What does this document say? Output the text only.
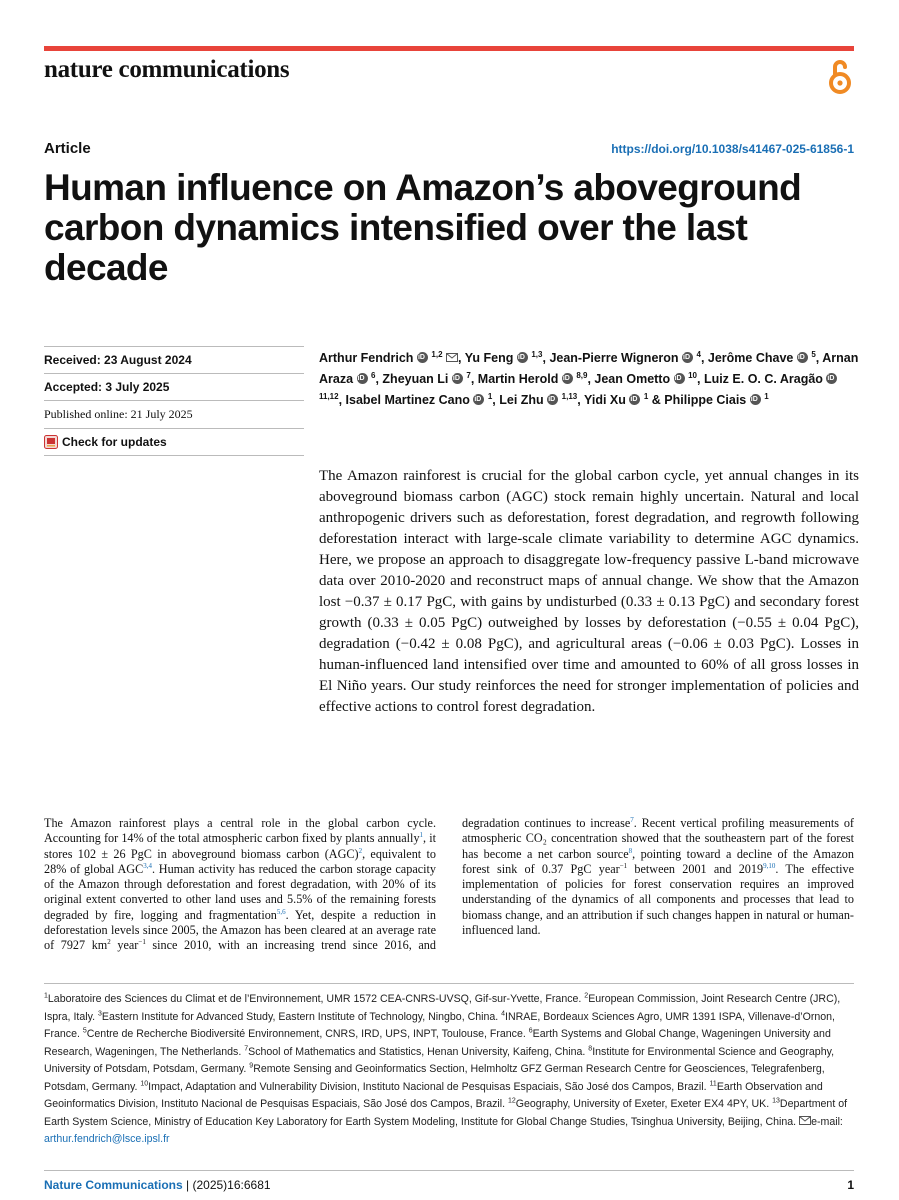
nature communications
Article	https://doi.org/10.1038/s41467-025-61856-1
Human influence on Amazon’s aboveground carbon dynamics intensified over the last decade
Received: 23 August 2024
Accepted: 3 July 2025
Published online: 21 July 2025
Check for updates
Arthur Fendrich iD $^{1,2}$ , Yu Feng iD $^{1,3}$, Jean-Pierre Wigneron iD $^4$, Jerôme Chave iD $^5$, Arnan Araza iD $^6$, Zheyuan Li iD $^7$, Martin Herold iD $^{8,9}$, Jean Ometto iD $^{10}$, Luiz E. O. C. Aragão iD $^{11,12}$, Isabel Martinez Cano iD $^1$, Lei Zhu iD $^{1,13}$, Yidi Xu iD $^1$ & Philippe Ciais iD $^1$
The Amazon rainforest is crucial for the global carbon cycle, yet annual changes in its aboveground biomass carbon (AGC) stock remain highly uncertain. Natural and local anthropogenic drivers such as deforestation, forest degradation, and regrowth following deforestation interact with large-scale climate variability to determine AGC dynamics. Here, we propose an approach to disaggregate low-frequency passive L-band microwave data over 2010-2020 and reconstruct maps of annual change. We show that the Amazon lost −0.37 ± 0.17 PgC, with gains by undisturbed (0.33 ± 0.13 PgC) and secondary forest growth (0.33 ± 0.05 PgC) outweighed by losses by deforestation (−0.55 ± 0.04 PgC), degradation (−0.42 ± 0.08 PgC), and agricultural areas (−0.06 ± 0.03 PgC). Losses in human-influenced land intensified over time and amounted to 60% of all gross losses in El Niño years. Our study reinforces the need for stronger implementation of policies and effective actions to control forest degradation.
The Amazon rainforest plays a central role in the global carbon cycle. Accounting for 14% of the total atmospheric carbon fixed by plants annually$^1$, it stores 102 ± 26 PgC in aboveground biomass carbon (AGC)$^2$, equivalent to 28% of global AGC$^{3,4}$. Human activity has reduced the carbon storage capacity of the Amazon through deforestation and forest degradation, with 20% of its original extent converted to other land uses and 5.5% of the remaining forests degraded by fire, logging and fragmentation$^{5,6}$. Yet, despite a reduction in deforestation levels since 2005, the Amazon has been cleared at an average rate of 7927 $km^2$ year$^{-1}$ since 2010, with an increasing trend since 2016, and degradation continues to increase$^7$. Recent vertical profiling measurements of atmospheric CO₂ concentration showed that the southeastern part of the forest has become a net carbon source$^8$, pointing toward a decline of the Amazon forest sink of 0.37 PgC year$^{-1}$ between 2001 and 2019$^{9,10}$. The effective implementation of policies for forest conservation requires an improved understanding of the dynamics of all components and processes that lead to biomass change, and an attribution if such changes happen in natural or human-influenced land.
$^1$Laboratoire des Sciences du Climat et de l’Environnement, UMR 1572 CEA-CNRS-UVSQ, Gif-sur-Yvette, France. $^2$European Commission, Joint Research Centre (JRC), Ispra, Italy. $^3$Eastern Institute for Advanced Study, Eastern Institute of Technology, Ningbo, China. $^4$INRAE, Bordeaux Sciences Agro, UMR 1391 ISPA, Villenave-d’Ornon, France. $^5$Centre de Recherche Biodiversité Environnement, CNRS, IRD, UPS, INPT, Toulouse, France. $^6$Earth Systems and Global Change, Wageningen University and Research, Wageningen, The Netherlands. $^7$School of Mathematics and Statistics, Henan University, Kaifeng, China. $^8$Institute for Environmental Science and Geography, University of Potsdam, Potsdam, Germany. $^9$Remote Sensing and Geoinformatics Section, Helmholtz GFZ German Research Centre for Geosciences, Telegrafenberg, Potsdam, Germany. $^{10}$Impact, Adaptation and Vulnerability Division, Instituto Nacional de Pesquisas Espaciais, São José dos Campos, Brazil. $^{11}$Earth Observation and Geoinformatics Division, Instituto Nacional de Pesquisas Espaciais, São José dos Campos, Brazil. $^{12}$Geography, University of Exeter, Exeter EX4 4PY, UK. $^{13}$Department of Earth System Science, Ministry of Education Key Laboratory for Earth System Modeling, Institute for Global Change Studies, Tsinghua University, Beijing, China. e-mail: arthur.fendrich@lsce.ipsl.fr
Nature Communications | (2025)16:6681	1
